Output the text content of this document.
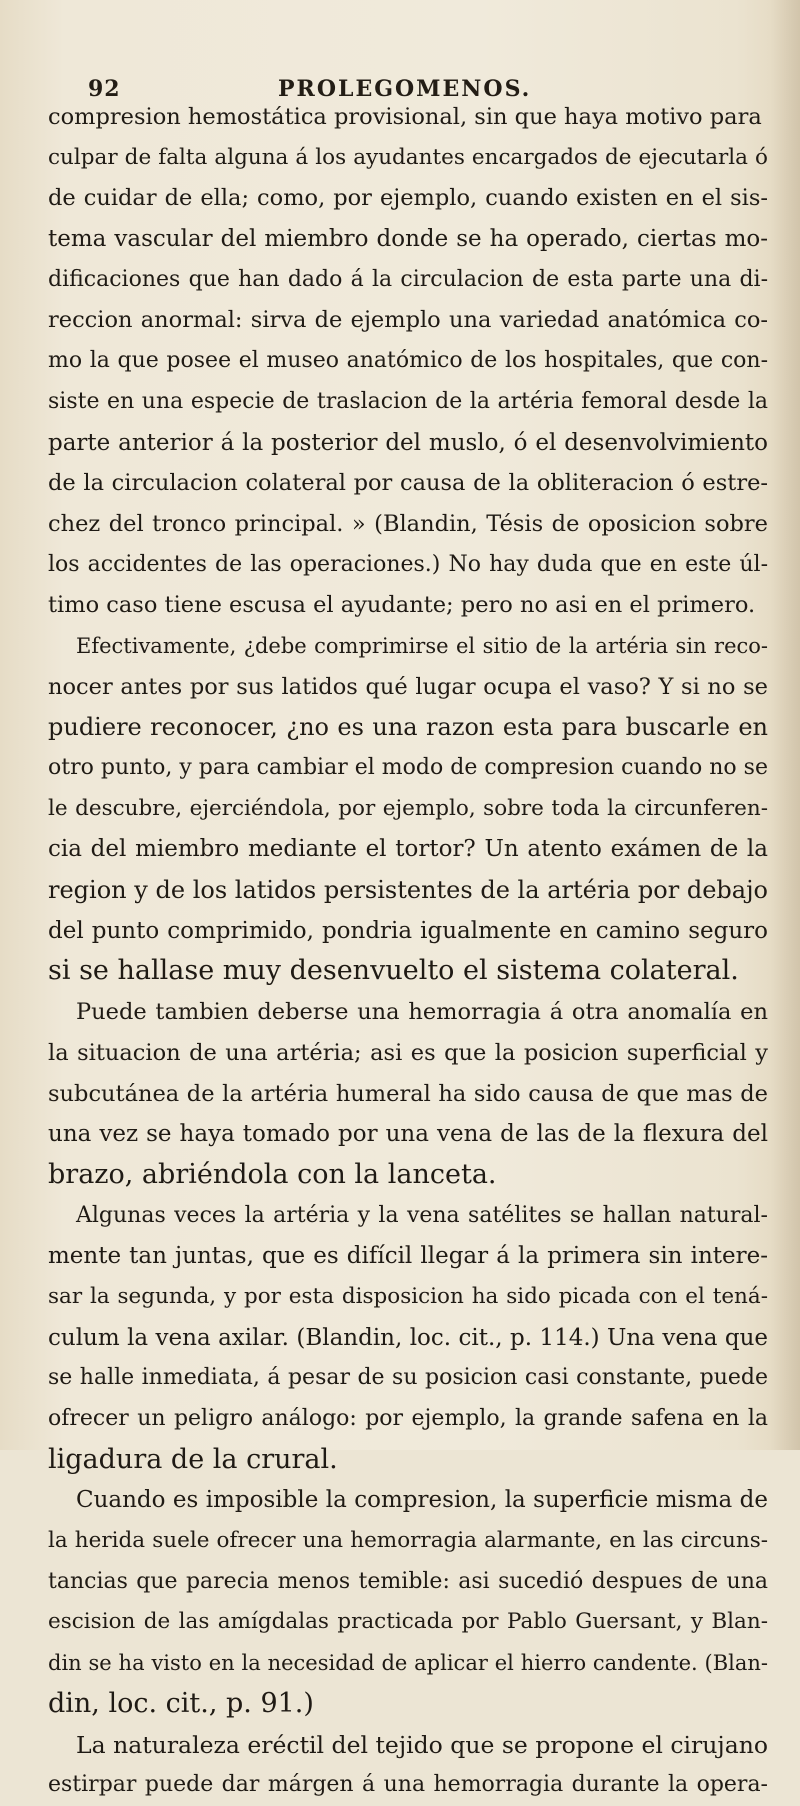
92	PROLEGOMENOS.
compresion hemostática provisional, sin que haya motivo para
culpar de falta alguna á los ayudantes encargados de ejecutarla ó
de cuidar de ella; como, por ejemplo, cuando existen en el sis-
tema vascular del miembro donde se ha operado, ciertas mo-
dificaciones que han dado á la circulacion de esta parte una di-
reccion anormal: sirva de ejemplo una variedad anatómica co-
mo la que posee el museo anatómico de los hospitales, que con-
siste en una especie de traslacion de la artéria femoral desde la
parte anterior á la posterior del muslo, ó el desenvolvimiento
de la circulacion colateral por causa de la obliteracion ó estre-
chez del tronco principal. » (Blandin, Tésis de oposicion sobre
los accidentes de las operaciones.) No hay duda que en este úl-
timo caso tiene escusa el ayudante; pero no asi en el primero.
Efectivamente, ¿debe comprimirse el sitio de la artéria sin reco-
nocer antes por sus latidos qué lugar ocupa el vaso? Y si no se
pudiere reconocer, ¿no es una razon esta para buscarle en
otro punto, y para cambiar el modo de compresion cuando no se
le descubre, ejerciéndola, por ejemplo, sobre toda la circunferen-
cia del miembro mediante el tortor? Un atento exámen de la
region y de los latidos persistentes de la artéria por debajo
del punto comprimido, pondria igualmente en camino seguro
si se hallase muy desenvuelto el sistema colateral.
Puede tambien deberse una hemorragia á otra anomalía en
la situacion de una artéria; asi es que la posicion superficial y
subcutánea de la artéria humeral ha sido causa de que mas de
una vez se haya tomado por una vena de las de la flexura del
brazo, abriéndola con la lanceta.
Algunas veces la artéria y la vena satélites se hallan natural-
mente tan juntas, que es difícil llegar á la primera sin intere-
sar la segunda, y por esta disposicion ha sido picada con el tená-
culum la vena axilar. (Blandin, loc. cit., p. 114.) Una vena que
se halle inmediata, á pesar de su posicion casi constante, puede
ofrecer un peligro análogo: por ejemplo, la grande safena en la
ligadura de la crural.
Cuando es imposible la compresion, la superficie misma de
la herida suele ofrecer una hemorragia alarmante, en las circuns-
tancias que parecia menos temible: asi sucedió despues de una
escision de las amígdalas practicada por Pablo Guersant, y Blan-
din se ha visto en la necesidad de aplicar el hierro candente. (Blan-
din, loc. cit., p. 91.)
La naturaleza eréctil del tejido que se propone el cirujano
estirpar puede dar márgen á una hemorragia durante la opera-
